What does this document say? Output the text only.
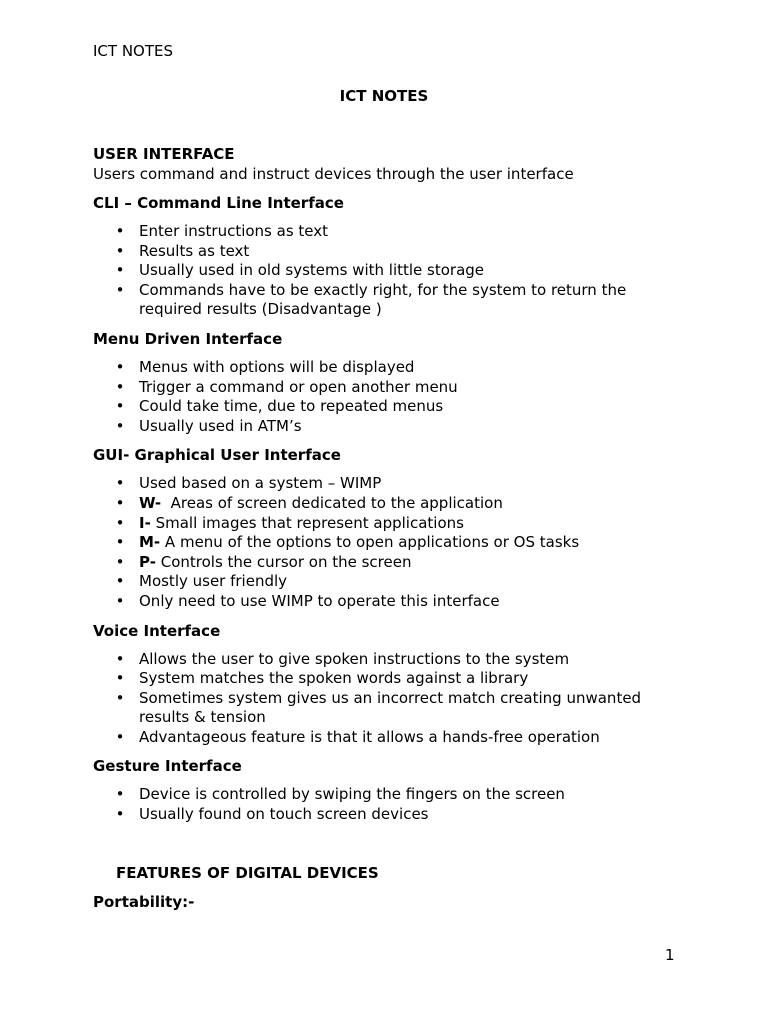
ICT NOTES
ICT NOTES

USER INTERFACE

Users command and instruct devices through the user interface

CLI – Command Line Interface

• Enter instructions as text
• Results as text
• Usually used in old systems with little storage
• Commands have to be exactly right, for the system to return the required results (Disadvantage )

Menu Driven Interface

• Menus with options will be displayed
• Trigger a command or open another menu
• Could take time, due to repeated menus
• Usually used in ATM’s

GUI- Graphical User Interface

• Used based on a system – WIMP
• W-  Areas of screen dedicated to the application
• I- Small images that represent applications
• M- A menu of the options to open applications or OS tasks
• P- Controls the cursor on the screen
• Mostly user friendly
• Only need to use WIMP to operate this interface

Voice Interface

• Allows the user to give spoken instructions to the system
• System matches the spoken words against a library
• Sometimes system gives us an incorrect match creating unwanted results & tension
• Advantageous feature is that it allows a hands-free operation

Gesture Interface

• Device is controlled by swiping the fingers on the screen
• Usually found on touch screen devices

FEATURES OF DIGITAL DEVICES

Portability:-

1
